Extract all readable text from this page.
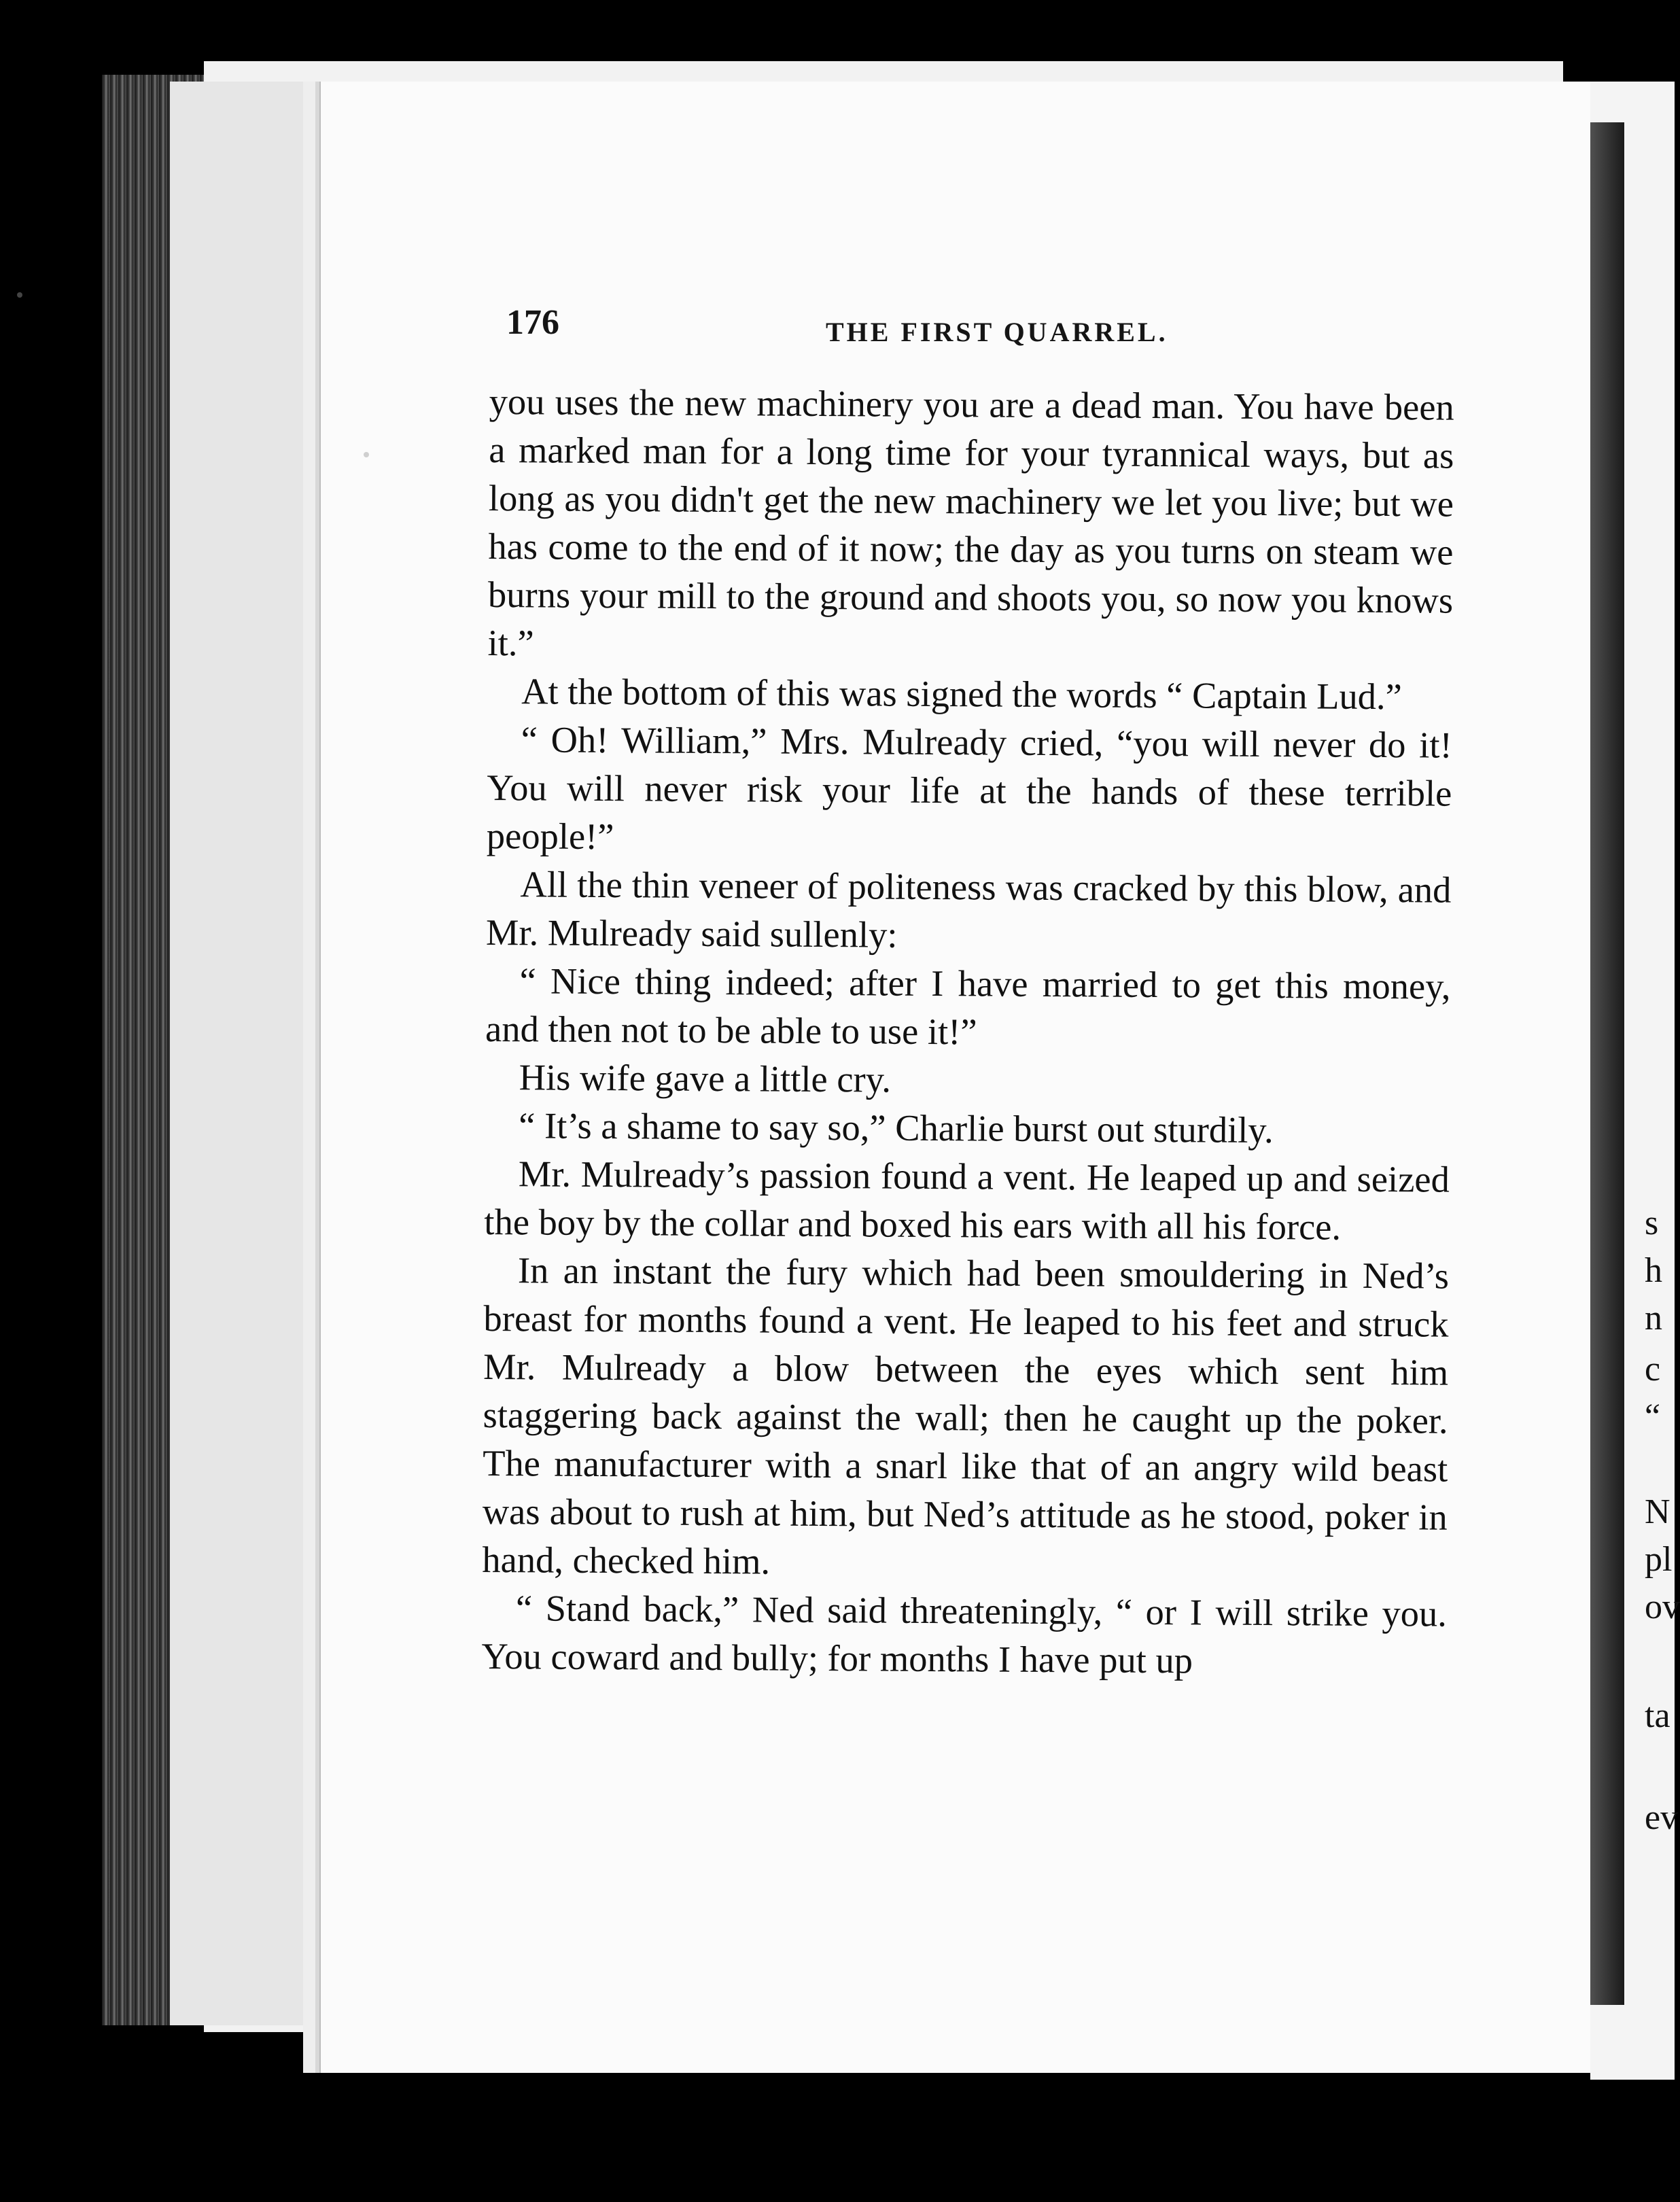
176	THE FIRST QUARREL.

you uses the new machinery you are a dead man. You have been a marked man for a long time for your tyrannical ways, but as long as you didn't get the new machinery we let you live; but we has come to the end of it now; the day as you turns on steam we burns your mill to the ground and shoots you, so now you knows it.”

At the bottom of this was signed the words “ Captain Lud.”

“ Oh! William,” Mrs. Mulready cried, “you will never do it! You will never risk your life at the hands of these terrible people!”

All the thin veneer of politeness was cracked by this blow, and Mr. Mulready said sullenly:

“ Nice thing indeed; after I have married to get this money, and then not to be able to use it!”

His wife gave a little cry.

“ It’s a shame to say so,” Charlie burst out sturdily.

Mr. Mulready’s passion found a vent. He leaped up and seized the boy by the collar and boxed his ears with all his force.

In an instant the fury which had been smouldering in Ned’s breast for months found a vent. He leaped to his feet and struck Mr. Mulready a blow between the eyes which sent him staggering back against the wall; then he caught up the poker. The manufacturer with a snarl like that of an angry wild beast was about to rush at him, but Ned’s attitude as he stood, poker in hand, checked him.

“ Stand back,” Ned said threateningly, “ or I will strike you. You coward and bully; for months I have put up

s
h
n
c
“
N
pl
ov
ta
ev
